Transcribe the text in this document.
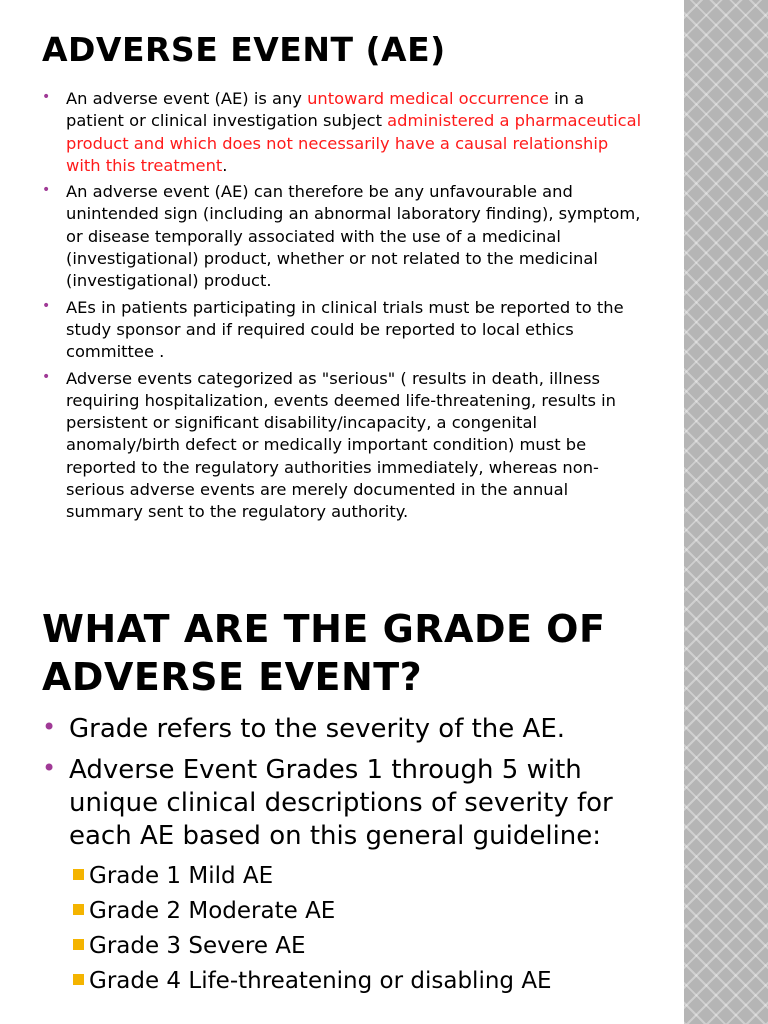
ADVERSE EVENT (AE)
• An adverse event (AE) is any untoward medical occurrence in a patient or clinical investigation subject administered a pharmaceutical product and which does not necessarily have a causal relationship with this treatment.
• An adverse event (AE) can therefore be any unfavourable and unintended sign (including an abnormal laboratory finding), symptom, or disease temporally associated with the use of a medicinal (investigational) product, whether or not related to the medicinal (investigational) product.
• AEs in patients participating in clinical trials must be reported to the study sponsor and if required could be reported to local ethics committee .
• Adverse events categorized as "serious" ( results in death, illness requiring hospitalization, events deemed life-threatening, results in persistent or significant disability/incapacity, a congenital anomaly/birth defect or medically important condition) must be reported to the regulatory authorities immediately, whereas non-serious adverse events are merely documented in the annual summary sent to the regulatory authority.
WHAT ARE THE GRADE OF ADVERSE EVENT?
• Grade refers to the severity of the AE.
• Adverse Event Grades 1 through 5 with unique clinical descriptions of severity for each AE based on this general guideline:
Grade 1 Mild AE
Grade 2 Moderate AE
Grade 3 Severe AE
Grade 4 Life-threatening or disabling AE
